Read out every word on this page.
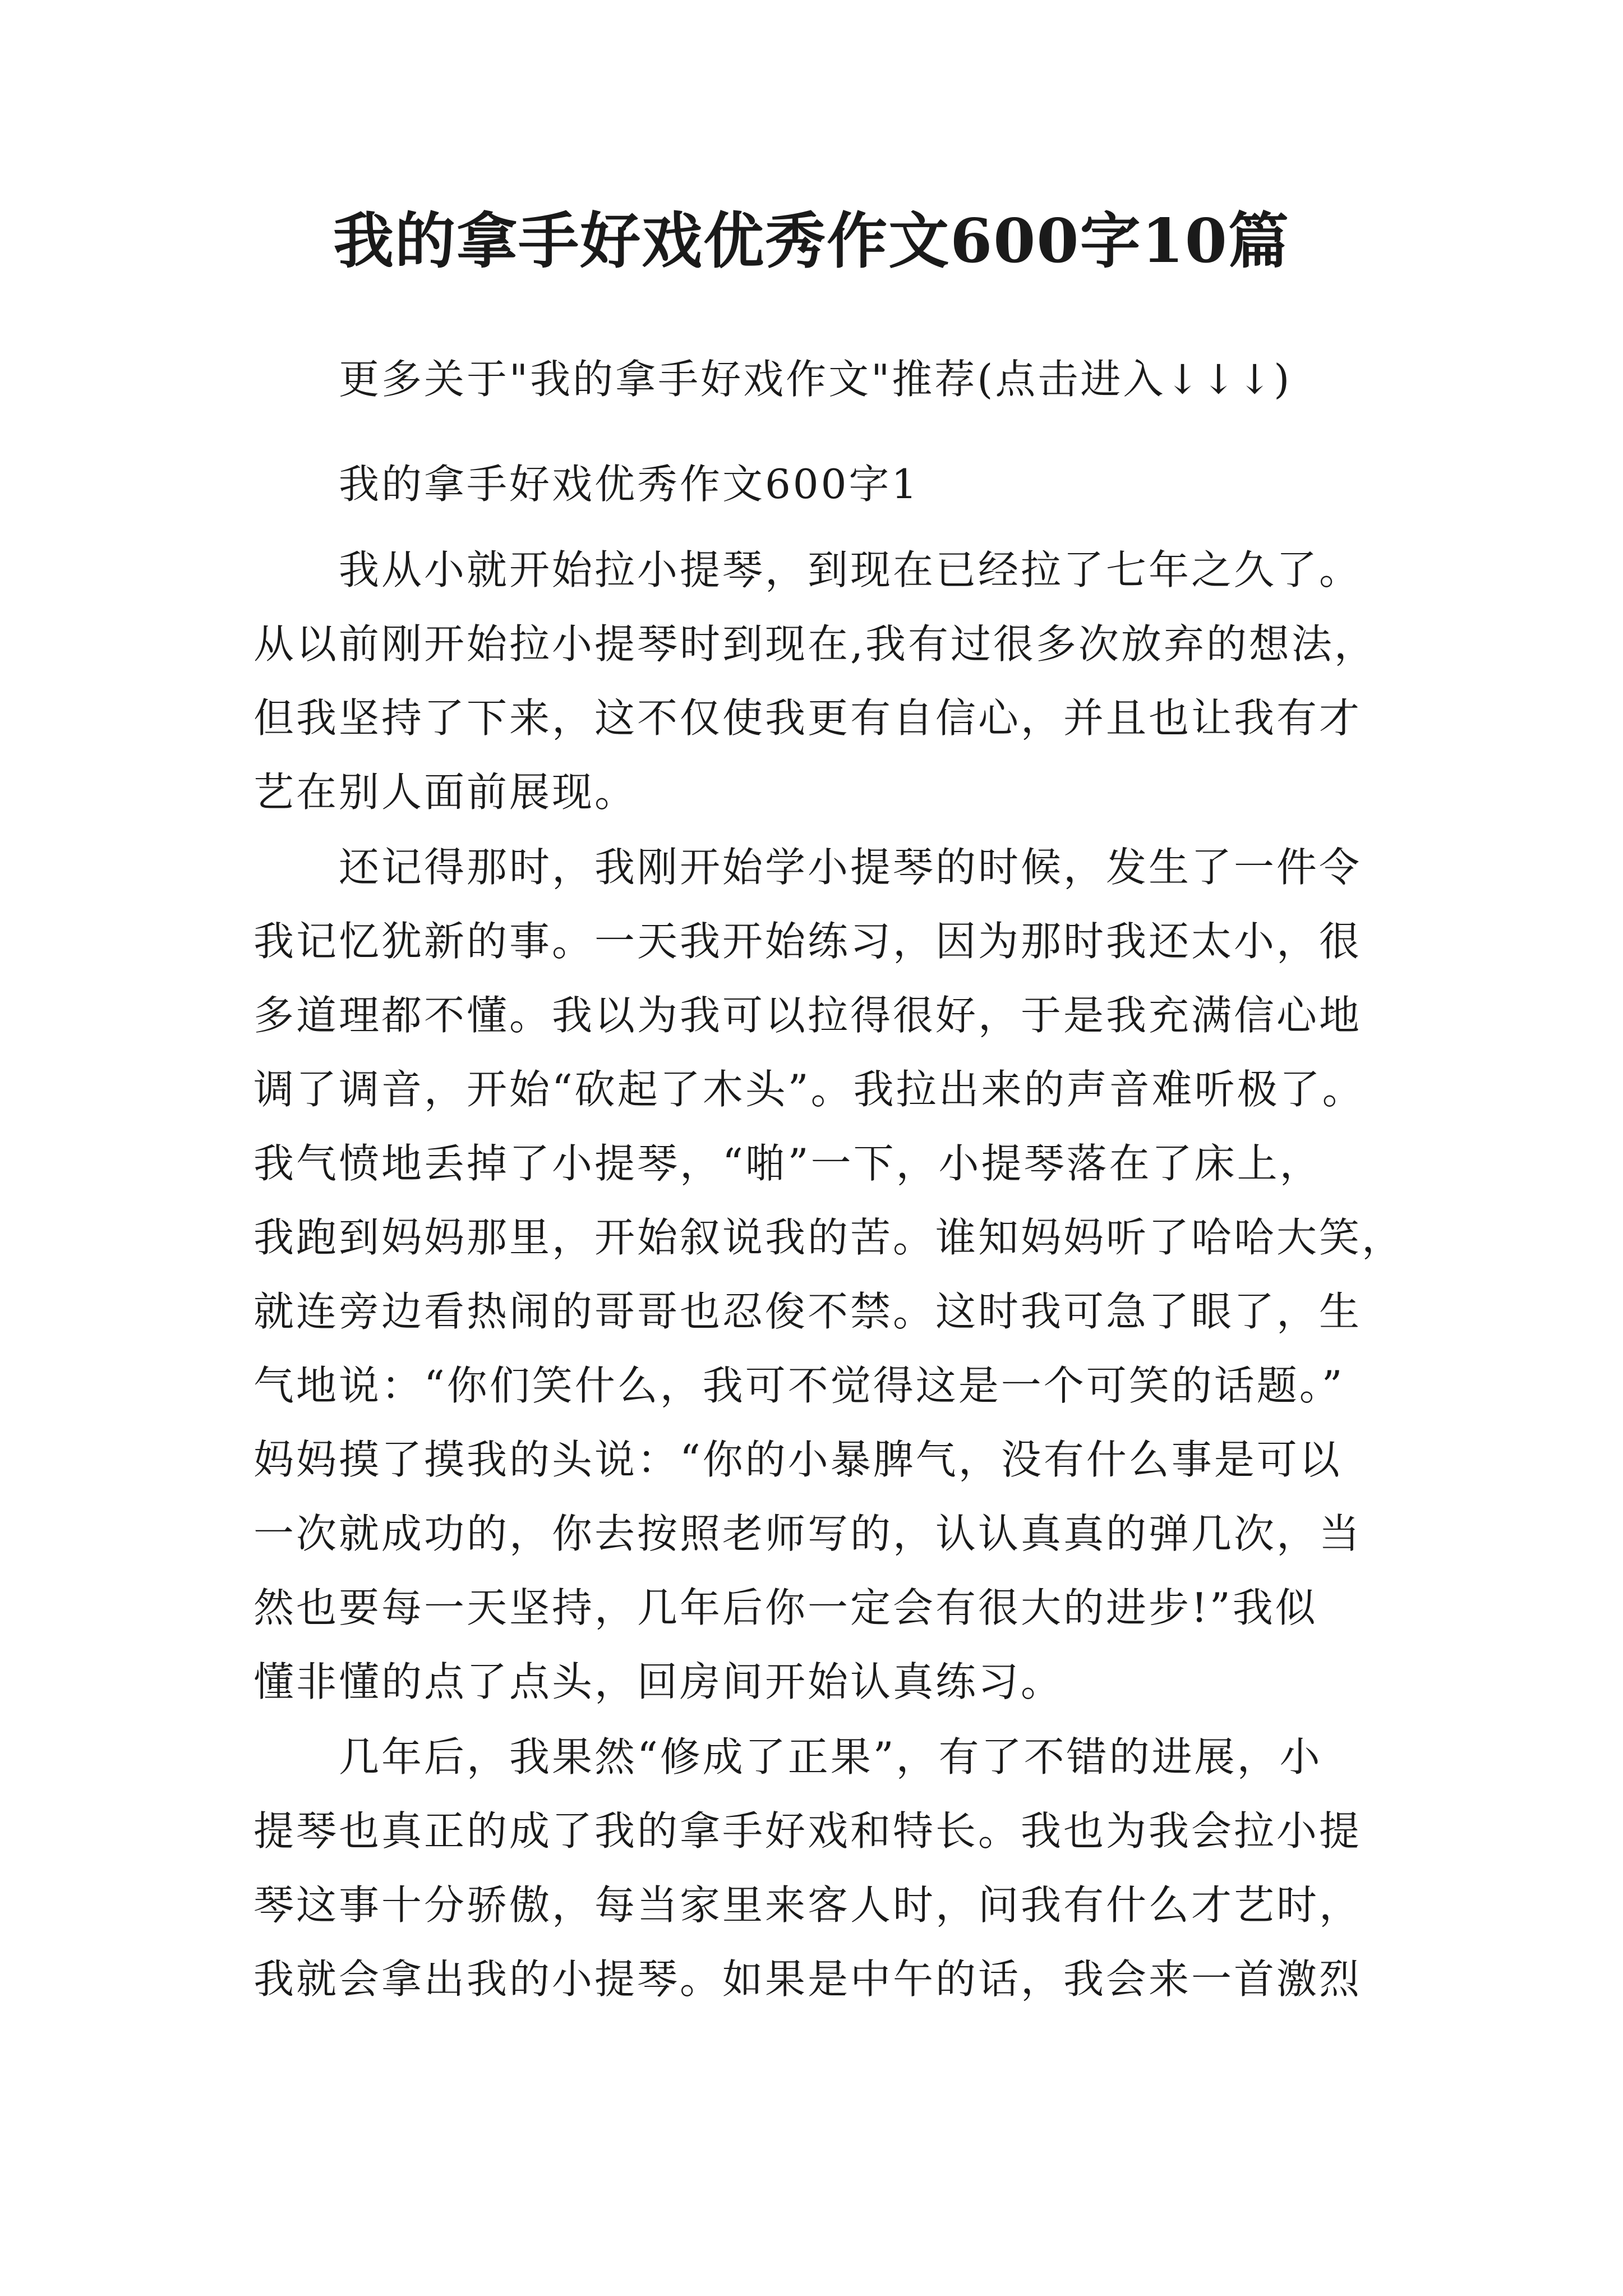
我的拿手好戏优秀作文600字10篇

更多关于"我的拿手好戏作文"推荐(点击进入↓↓↓)

我的拿手好戏优秀作文600字1

我从小就开始拉小提琴，到现在已经拉了七年之久了。

从以前刚开始拉小提琴时到现在,我有过很多次放弃的想法，

但我坚持了下来，这不仅使我更有自信心，并且也让我有才

艺在别人面前展现。

还记得那时，我刚开始学小提琴的时候，发生了一件令

我记忆犹新的事。一天我开始练习，因为那时我还太小，很

多道理都不懂。我以为我可以拉得很好，于是我充满信心地

调了调音，开始“砍起了木头”。我拉出来的声音难听极了。

我气愤地丢掉了小提琴，“啪”一下，小提琴落在了床上，

我跑到妈妈那里，开始叙说我的苦。谁知妈妈听了哈哈大笑，

就连旁边看热闹的哥哥也忍俊不禁。这时我可急了眼了，生

气地说：“你们笑什么，我可不觉得这是一个可笑的话题。”

妈妈摸了摸我的头说：“你的小暴脾气，没有什么事是可以

一次就成功的，你去按照老师写的，认认真真的弹几次，当

然也要每一天坚持，几年后你一定会有很大的进步!”我似

懂非懂的点了点头，回房间开始认真练习。

几年后，我果然“修成了正果”，有了不错的进展，小

提琴也真正的成了我的拿手好戏和特长。我也为我会拉小提

琴这事十分骄傲，每当家里来客人时，问我有什么才艺时，

我就会拿出我的小提琴。如果是中午的话，我会来一首激烈
